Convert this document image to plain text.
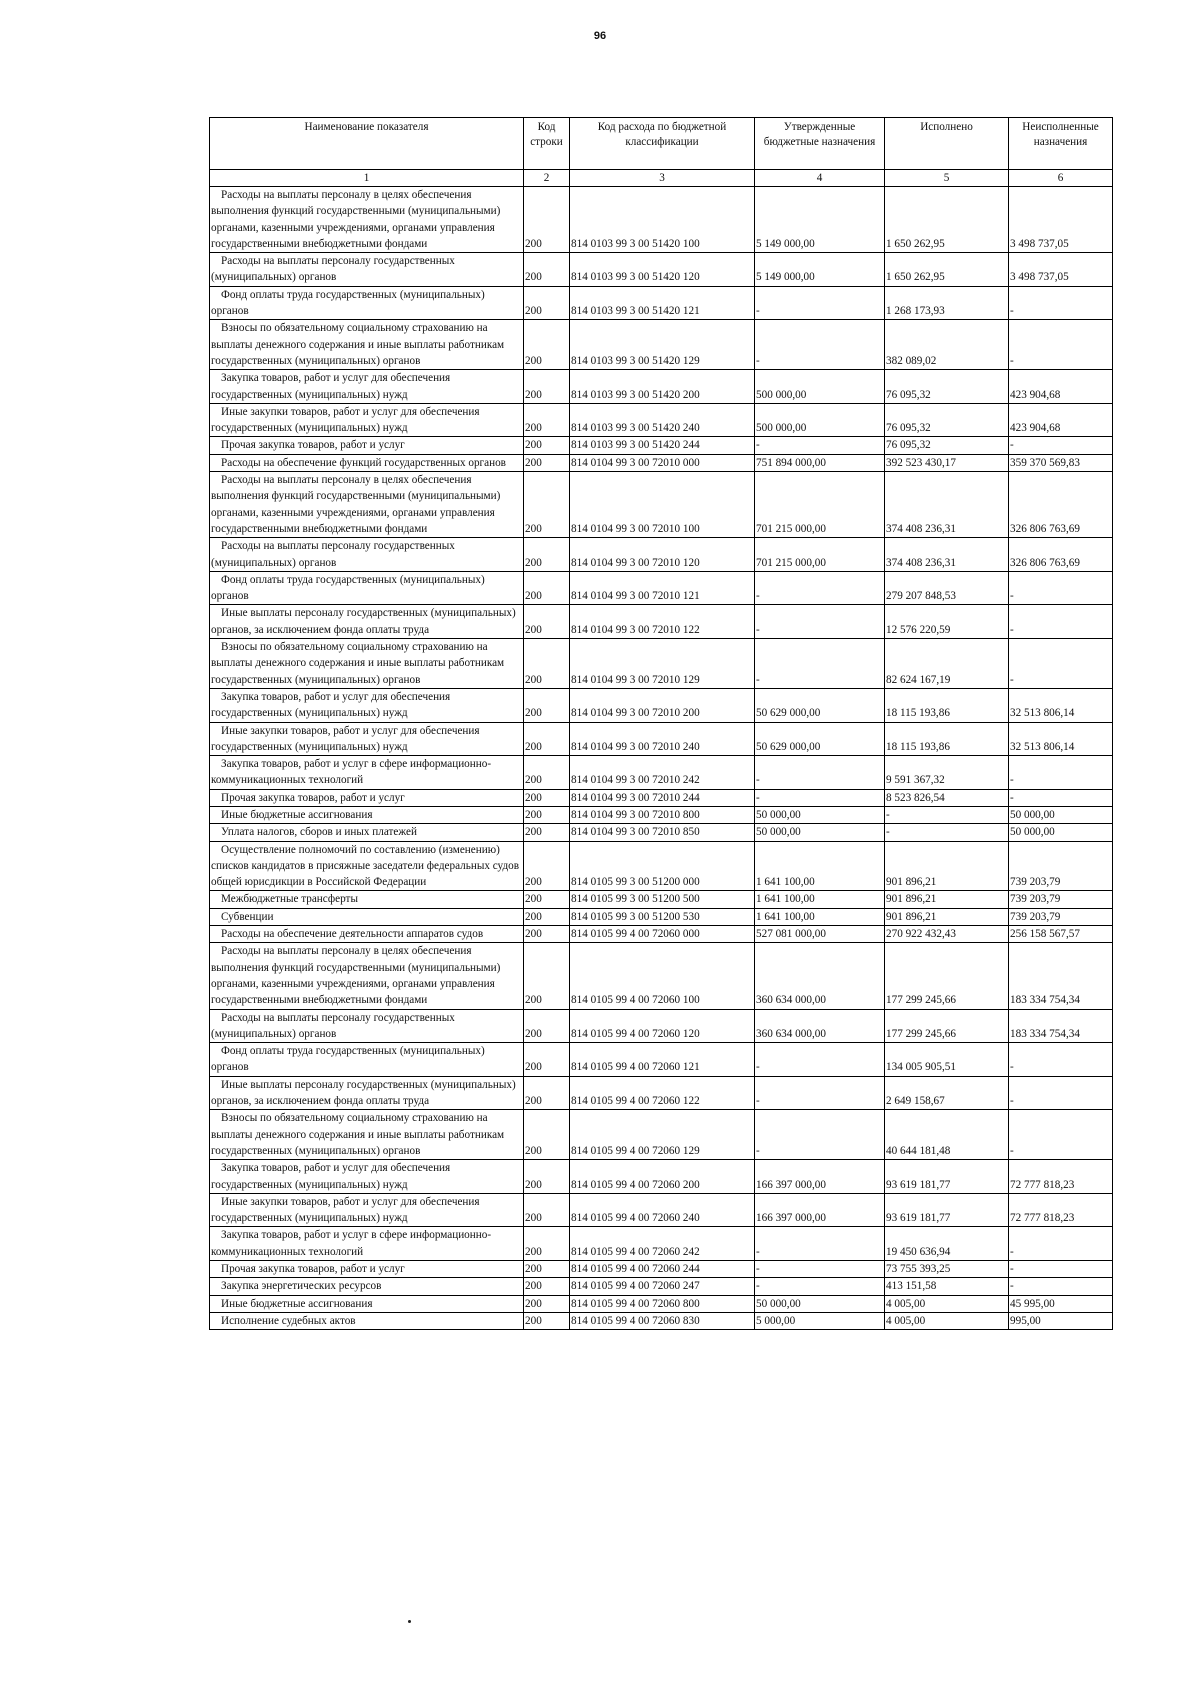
96
Наименование показателя	Код строки	Код расхода по бюджетной классификации	Утвержденные бюджетные назначения	Исполнено	Неисполненные назначения
1	2	3	4	5	6
Расходы на выплаты персоналу в целях обеспечения выполнения функций государственными (муниципальными) органами, казенными учреждениями, органами управления государственными внебюджетными фондами	200	814 0103 99 3 00 51420 100	5 149 000,00	1 650 262,95	3 498 737,05
Расходы на выплаты персоналу государственных (муниципальных) органов	200	814 0103 99 3 00 51420 120	5 149 000,00	1 650 262,95	3 498 737,05
Фонд оплаты труда государственных (муниципальных) органов	200	814 0103 99 3 00 51420 121	-	1 268 173,93	-
Взносы по обязательному социальному страхованию на выплаты денежного содержания и иные выплаты работникам государственных (муниципальных) органов	200	814 0103 99 3 00 51420 129	-	382 089,02	-
Закупка товаров, работ и услуг для обеспечения государственных (муниципальных) нужд	200	814 0103 99 3 00 51420 200	500 000,00	76 095,32	423 904,68
Иные закупки товаров, работ и услуг для обеспечения государственных (муниципальных) нужд	200	814 0103 99 3 00 51420 240	500 000,00	76 095,32	423 904,68
Прочая закупка товаров, работ и услуг	200	814 0103 99 3 00 51420 244	-	76 095,32	-
Расходы на обеспечение функций государственных органов	200	814 0104 99 3 00 72010 000	751 894 000,00	392 523 430,17	359 370 569,83
Расходы на выплаты персоналу в целях обеспечения выполнения функций государственными (муниципальными) органами, казенными учреждениями, органами управления государственными внебюджетными фондами	200	814 0104 99 3 00 72010 100	701 215 000,00	374 408 236,31	326 806 763,69
Расходы на выплаты персоналу государственных (муниципальных) органов	200	814 0104 99 3 00 72010 120	701 215 000,00	374 408 236,31	326 806 763,69
Фонд оплаты труда государственных (муниципальных) органов	200	814 0104 99 3 00 72010 121	-	279 207 848,53	-
Иные выплаты персоналу государственных (муниципальных) органов, за исключением фонда оплаты труда	200	814 0104 99 3 00 72010 122	-	12 576 220,59	-
Взносы по обязательному социальному страхованию на выплаты денежного содержания и иные выплаты работникам государственных (муниципальных) органов	200	814 0104 99 3 00 72010 129	-	82 624 167,19	-
Закупка товаров, работ и услуг для обеспечения государственных (муниципальных) нужд	200	814 0104 99 3 00 72010 200	50 629 000,00	18 115 193,86	32 513 806,14
Иные закупки товаров, работ и услуг для обеспечения государственных (муниципальных) нужд	200	814 0104 99 3 00 72010 240	50 629 000,00	18 115 193,86	32 513 806,14
Закупка товаров, работ и услуг в сфере информационно-коммуникационных технологий	200	814 0104 99 3 00 72010 242	-	9 591 367,32	-
Прочая закупка товаров, работ и услуг	200	814 0104 99 3 00 72010 244	-	8 523 826,54	-
Иные бюджетные ассигнования	200	814 0104 99 3 00 72010 800	50 000,00	-	50 000,00
Уплата налогов, сборов и иных платежей	200	814 0104 99 3 00 72010 850	50 000,00	-	50 000,00
Осуществление полномочий по составлению (изменению) списков кандидатов в присяжные заседатели федеральных судов общей юрисдикции в Российской Федерации	200	814 0105 99 3 00 51200 000	1 641 100,00	901 896,21	739 203,79
Межбюджетные трансферты	200	814 0105 99 3 00 51200 500	1 641 100,00	901 896,21	739 203,79
Субвенции	200	814 0105 99 3 00 51200 530	1 641 100,00	901 896,21	739 203,79
Расходы на обеспечение деятельности аппаратов судов	200	814 0105 99 4 00 72060 000	527 081 000,00	270 922 432,43	256 158 567,57
Расходы на выплаты персоналу в целях обеспечения выполнения функций государственными (муниципальными) органами, казенными учреждениями, органами управления государственными внебюджетными фондами	200	814 0105 99 4 00 72060 100	360 634 000,00	177 299 245,66	183 334 754,34
Расходы на выплаты персоналу государственных (муниципальных) органов	200	814 0105 99 4 00 72060 120	360 634 000,00	177 299 245,66	183 334 754,34
Фонд оплаты труда государственных (муниципальных) органов	200	814 0105 99 4 00 72060 121	-	134 005 905,51	-
Иные выплаты персоналу государственных (муниципальных) органов, за исключением фонда оплаты труда	200	814 0105 99 4 00 72060 122	-	2 649 158,67	-
Взносы по обязательному социальному страхованию на выплаты денежного содержания и иные выплаты работникам государственных (муниципальных) органов	200	814 0105 99 4 00 72060 129	-	40 644 181,48	-
Закупка товаров, работ и услуг для обеспечения государственных (муниципальных) нужд	200	814 0105 99 4 00 72060 200	166 397 000,00	93 619 181,77	72 777 818,23
Иные закупки товаров, работ и услуг для обеспечения государственных (муниципальных) нужд	200	814 0105 99 4 00 72060 240	166 397 000,00	93 619 181,77	72 777 818,23
Закупка товаров, работ и услуг в сфере информационно-коммуникационных технологий	200	814 0105 99 4 00 72060 242	-	19 450 636,94	-
Прочая закупка товаров, работ и услуг	200	814 0105 99 4 00 72060 244	-	73 755 393,25	-
Закупка энергетических ресурсов	200	814 0105 99 4 00 72060 247	-	413 151,58	-
Иные бюджетные ассигнования	200	814 0105 99 4 00 72060 800	50 000,00	4 005,00	45 995,00
Исполнение судебных актов	200	814 0105 99 4 00 72060 830	5 000,00	4 005,00	995,00
